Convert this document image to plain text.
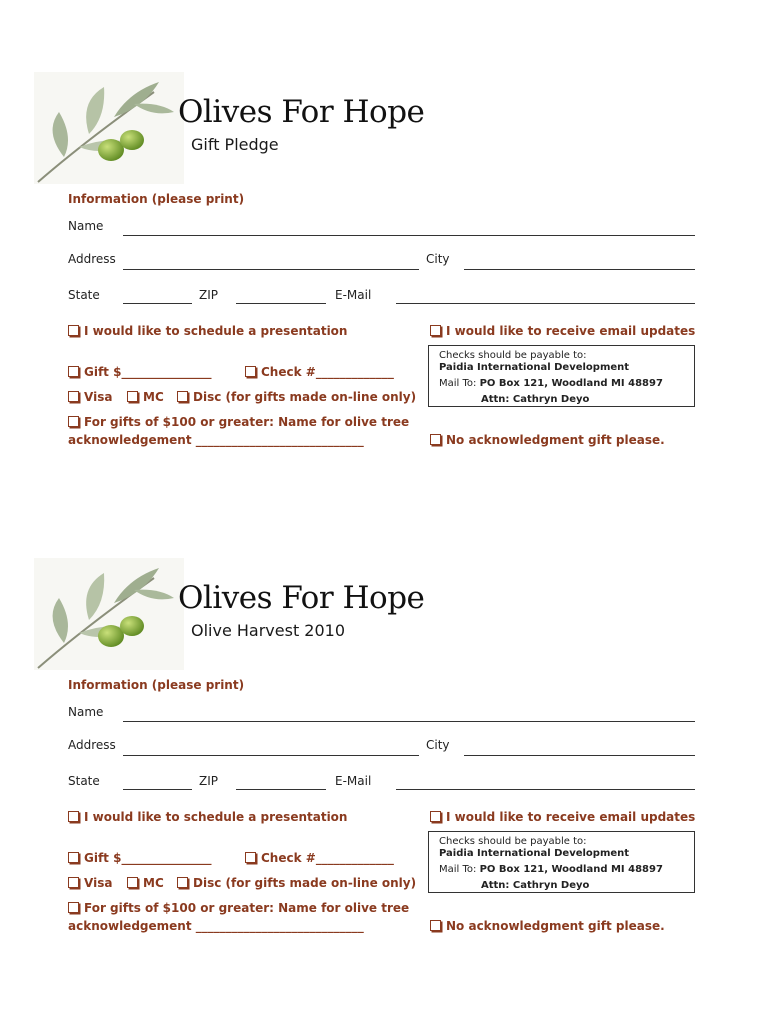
Olives For Hope
Gift Pledge
Information (please print)
Name
Address	City
State	ZIP	E-Mail
I would like to schedule a presentation	I would like to receive email updates
Gift $_______________	Check #_____________
Visa	MC	Disc (for gifts made on-line only)
For gifts of $100 or greater: Name for olive tree
acknowledgement ____________________________
Checks should be payable to:
Paidia International Development
Mail To: PO Box 121, Woodland MI 48897
Attn: Cathryn Deyo
No acknowledgment gift please.
Olives For Hope
Olive Harvest 2010
Information (please print)
Name
Address	City
State	ZIP	E-Mail
I would like to schedule a presentation	I would like to receive email updates
Gift $_______________	Check #_____________
Visa	MC	Disc (for gifts made on-line only)
For gifts of $100 or greater: Name for olive tree
acknowledgement ____________________________
Checks should be payable to:
Paidia International Development
Mail To: PO Box 121, Woodland MI 48897
Attn: Cathryn Deyo
No acknowledgment gift please.
